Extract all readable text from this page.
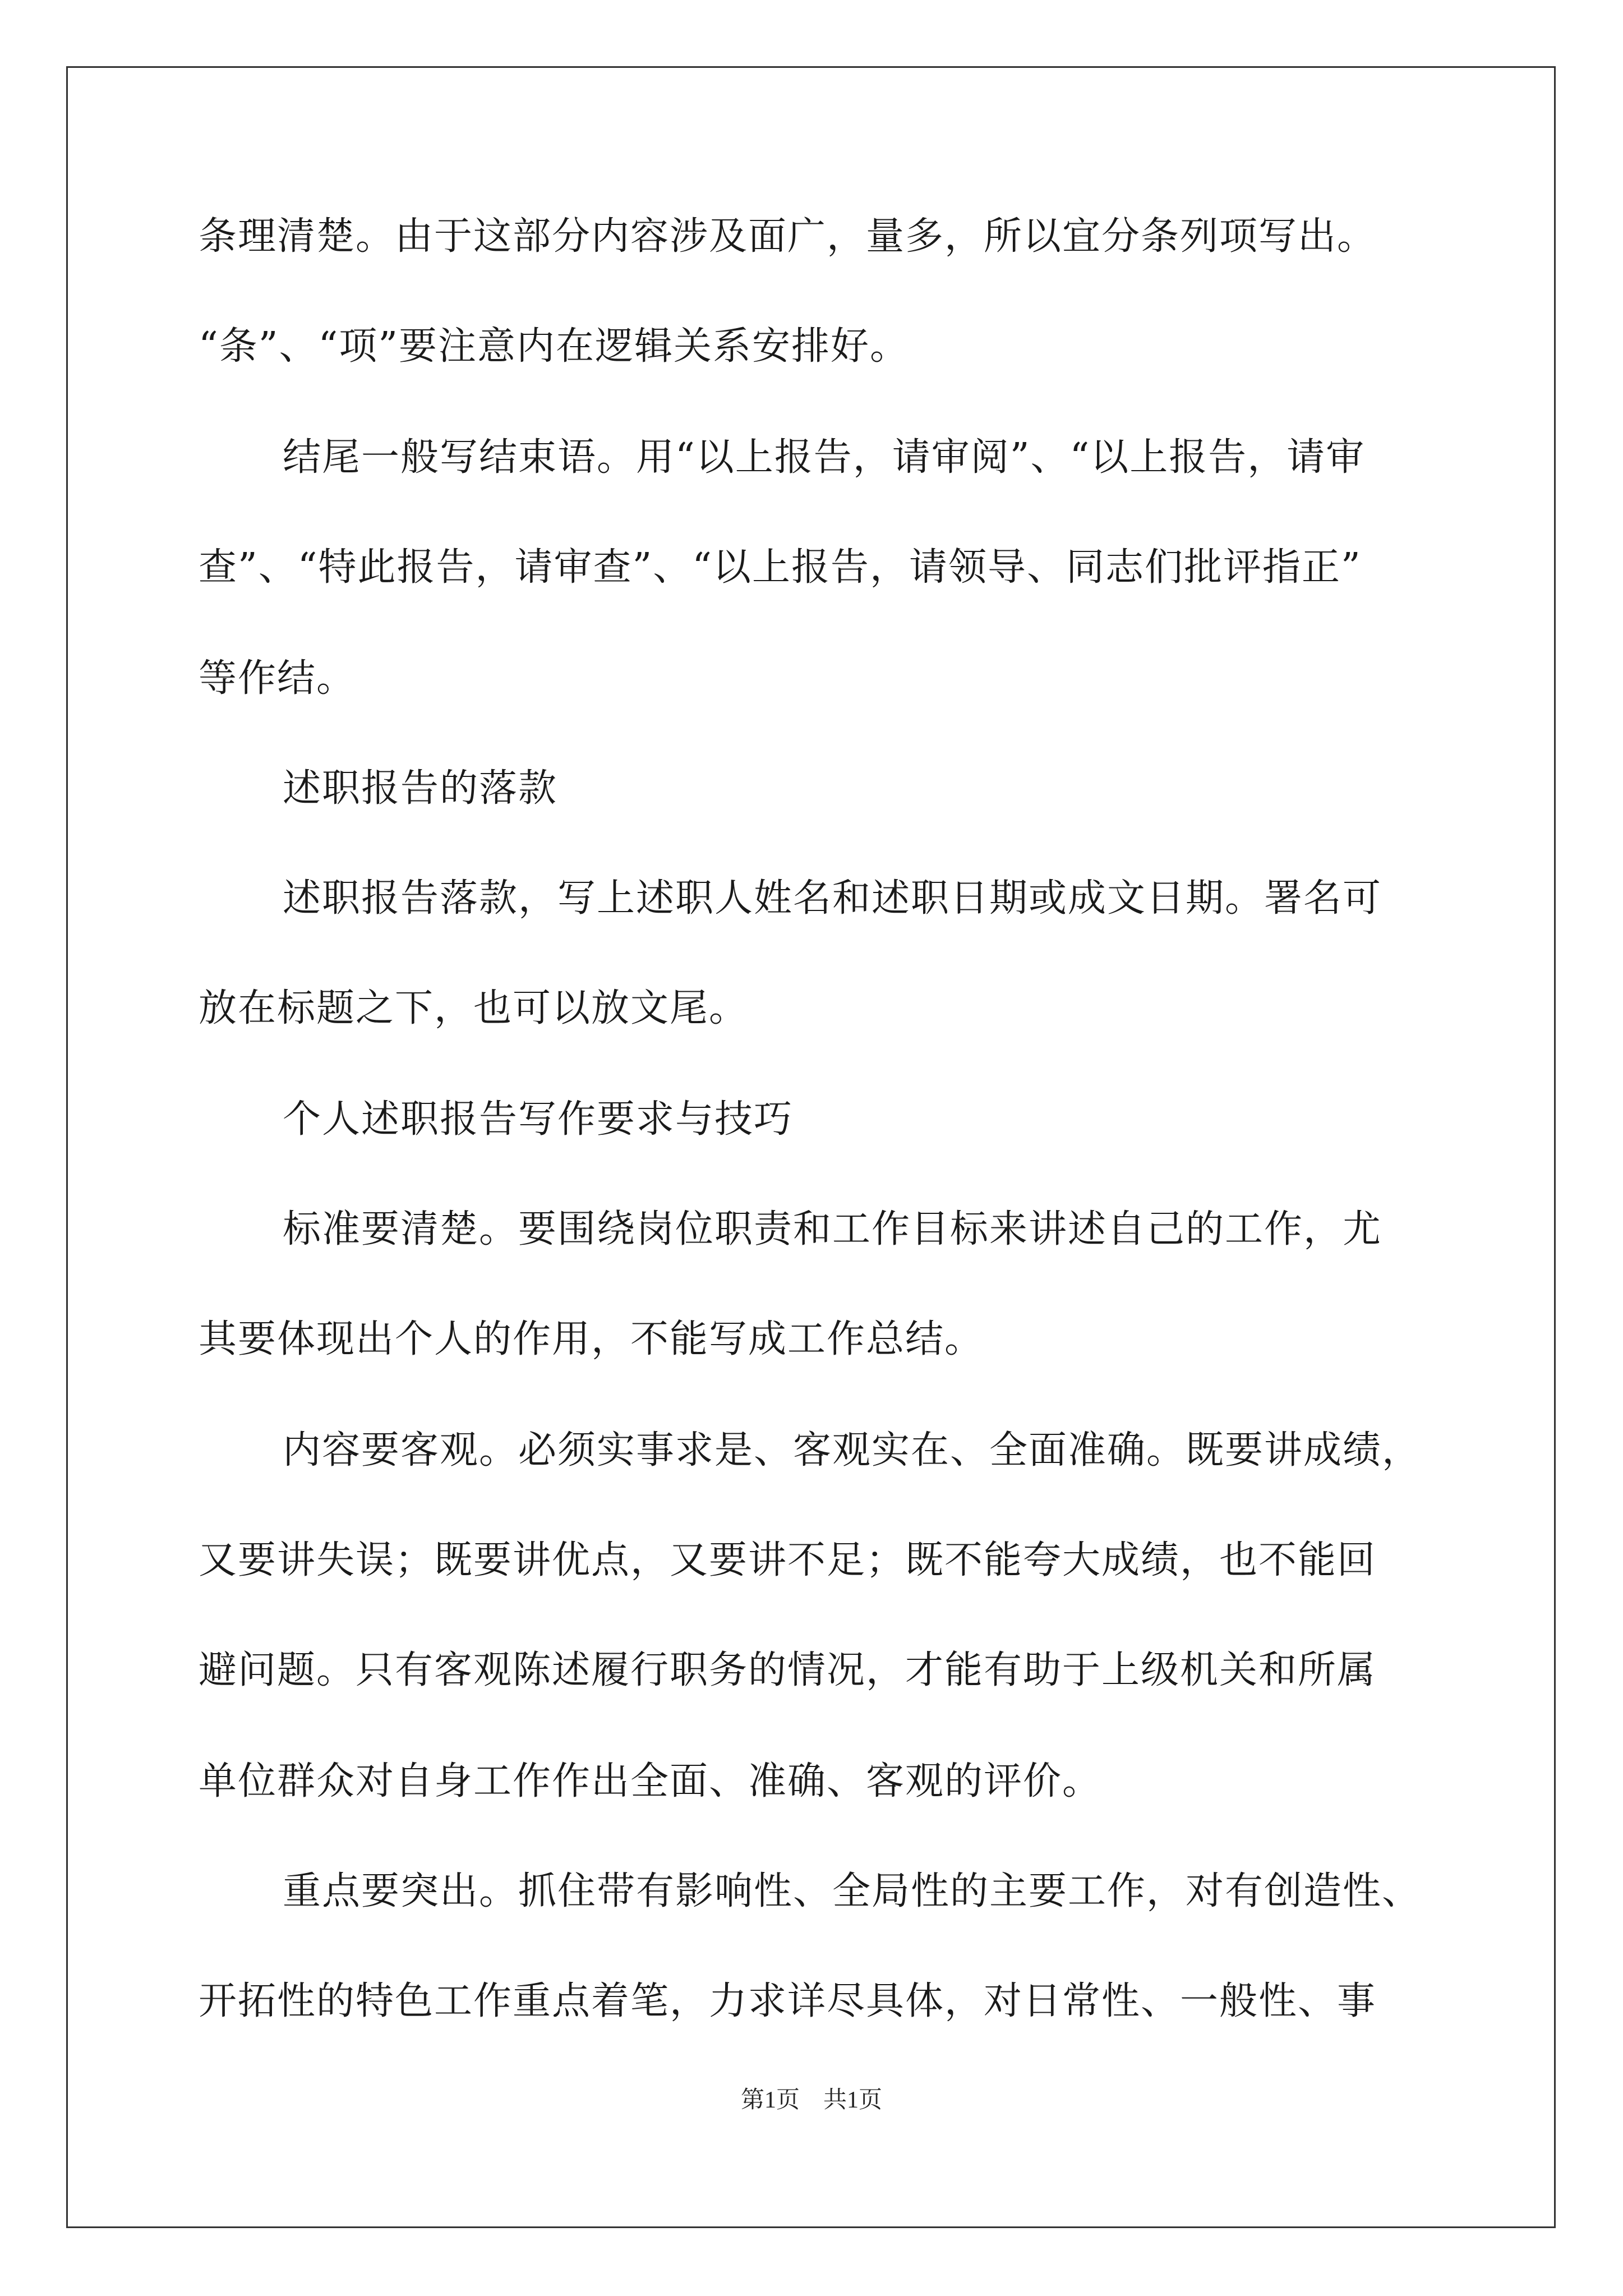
条理清楚。由于这部分内容涉及面广，量多，所以宜分条列项写出。
“条”、“项”要注意内在逻辑关系安排好。
结尾一般写结束语。用“以上报告，请审阅”、“以上报告，请审
查”、“特此报告，请审查”、“以上报告，请领导、同志们批评指正”
等作结。
述职报告的落款
述职报告落款，写上述职人姓名和述职日期或成文日期。署名可
放在标题之下，也可以放文尾。
个人述职报告写作要求与技巧
标准要清楚。要围绕岗位职责和工作目标来讲述自己的工作，尤
其要体现出个人的作用，不能写成工作总结。
内容要客观。必须实事求是、客观实在、全面准确。既要讲成绩，
又要讲失误；既要讲优点，又要讲不足；既不能夸大成绩，也不能回
避问题。只有客观陈述履行职务的情况，才能有助于上级机关和所属
单位群众对自身工作作出全面、准确、客观的评价。
重点要突出。抓住带有影响性、全局性的主要工作，对有创造性、
开拓性的特色工作重点着笔，力求详尽具体，对日常性、一般性、事
第1页　共1页
